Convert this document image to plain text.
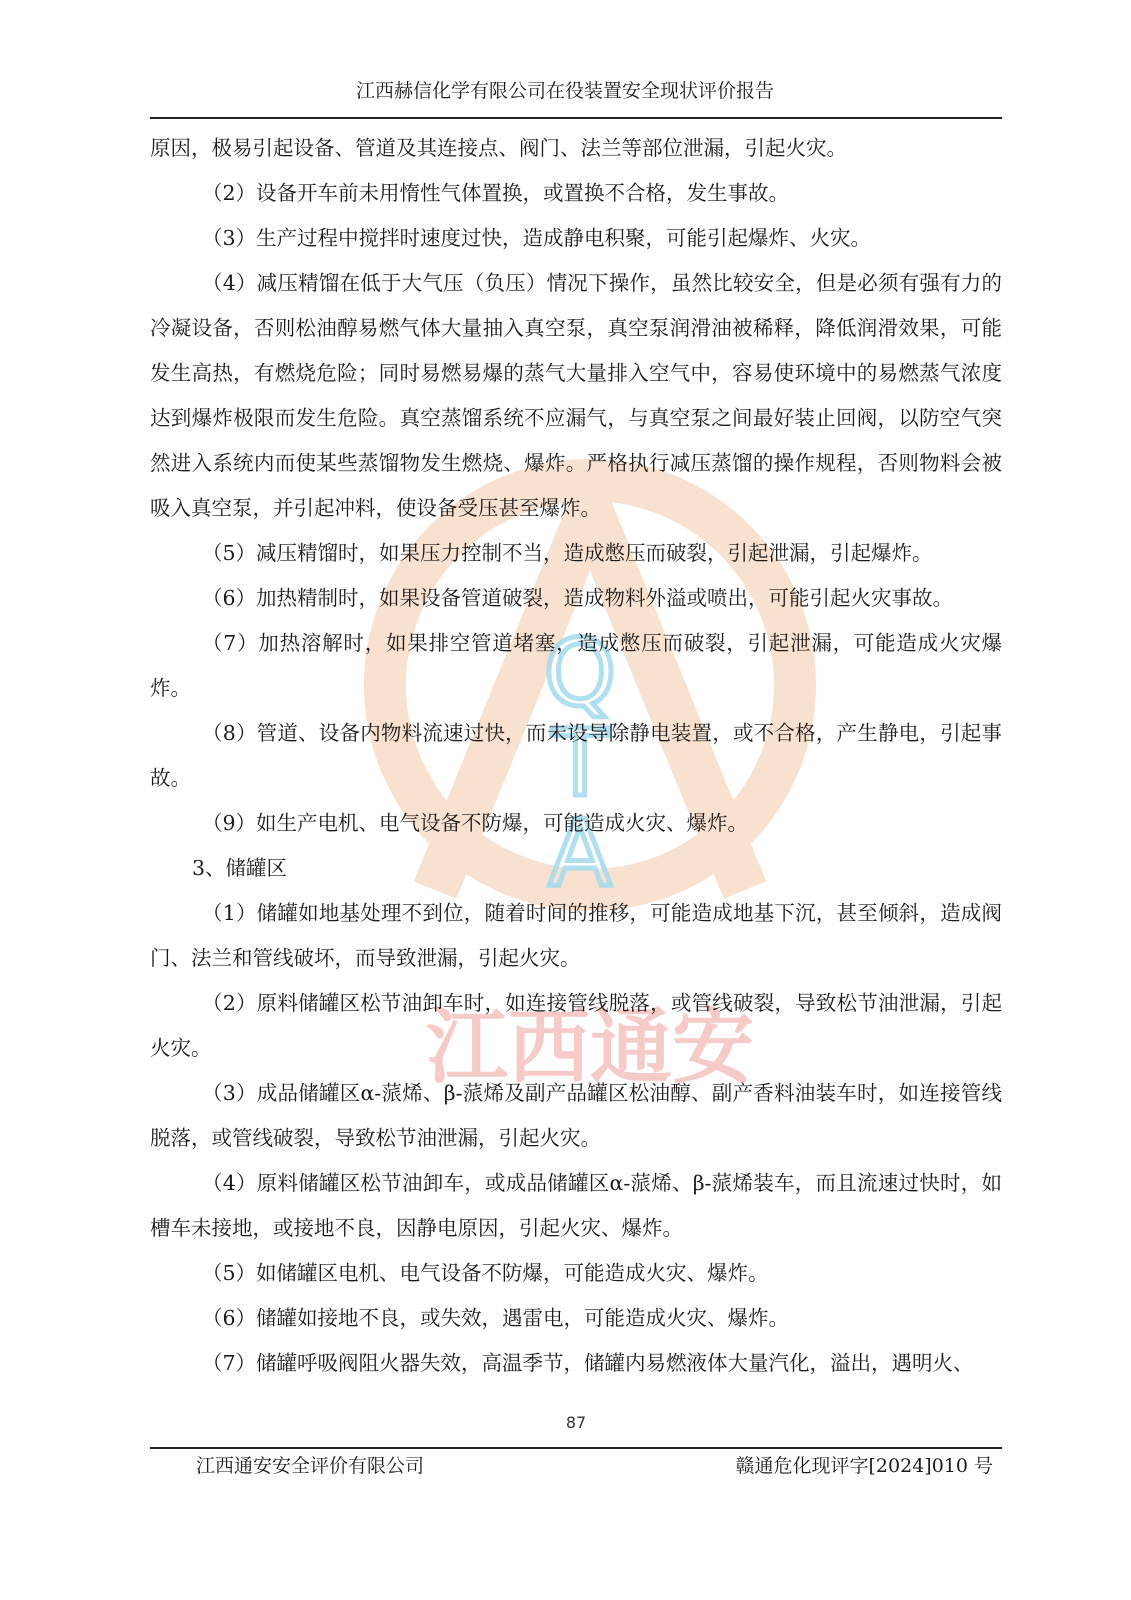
江西赫信化学有限公司在役装置安全现状评价报告
Q
T
A
江西通安

原因，极易引起设备、管道及其连接点、阀门、法兰等部位泄漏，引起火灾。

（2）设备开车前未用惰性气体置换，或置换不合格，发生事故。

（3）生产过程中搅拌时速度过快，造成静电积聚，可能引起爆炸、火灾。

（4）减压精馏在低于大气压（负压）情况下操作，虽然比较安全，但是必须有强有力的冷凝设备，否则松油醇易燃气体大量抽入真空泵，真空泵润滑油被稀释，降低润滑效果，可能发生高热，有燃烧危险；同时易燃易爆的蒸气大量排入空气中，容易使环境中的易燃蒸气浓度达到爆炸极限而发生危险。真空蒸馏系统不应漏气，与真空泵之间最好装止回阀，以防空气突然进入系统内而使某些蒸馏物发生燃烧、爆炸。严格执行减压蒸馏的操作规程，否则物料会被吸入真空泵，并引起冲料，使设备受压甚至爆炸。

（5）减压精馏时，如果压力控制不当，造成憋压而破裂，引起泄漏，引起爆炸。

（6）加热精制时，如果设备管道破裂，造成物料外溢或喷出，可能引起火灾事故。

（7）加热溶解时，如果排空管道堵塞，造成憋压而破裂，引起泄漏，可能造成火灾爆炸。

（8）管道、设备内物料流速过快，而未设导除静电装置，或不合格，产生静电，引起事故。

（9）如生产电机、电气设备不防爆，可能造成火灾、爆炸。

3、储罐区

（1）储罐如地基处理不到位，随着时间的推移，可能造成地基下沉，甚至倾斜，造成阀门、法兰和管线破坏，而导致泄漏，引起火灾。

（2）原料储罐区松节油卸车时，如连接管线脱落，或管线破裂，导致松节油泄漏，引起火灾。

（3）成品储罐区α-蒎烯、β-蒎烯及副产品罐区松油醇、副产香料油装车时，如连接管线脱落，或管线破裂，导致松节油泄漏，引起火灾。

（4）原料储罐区松节油卸车，或成品储罐区α-蒎烯、β-蒎烯装车，而且流速过快时，如槽车未接地，或接地不良，因静电原因，引起火灾、爆炸。

（5）如储罐区电机、电气设备不防爆，可能造成火灾、爆炸。

（6）储罐如接地不良，或失效，遇雷电，可能造成火灾、爆炸。

（7）储罐呼吸阀阻火器失效，高温季节，储罐内易燃液体大量汽化，溢出，遇明火、

87
江西通安安全评价有限公司	赣通危化现评字[2024]010 号
